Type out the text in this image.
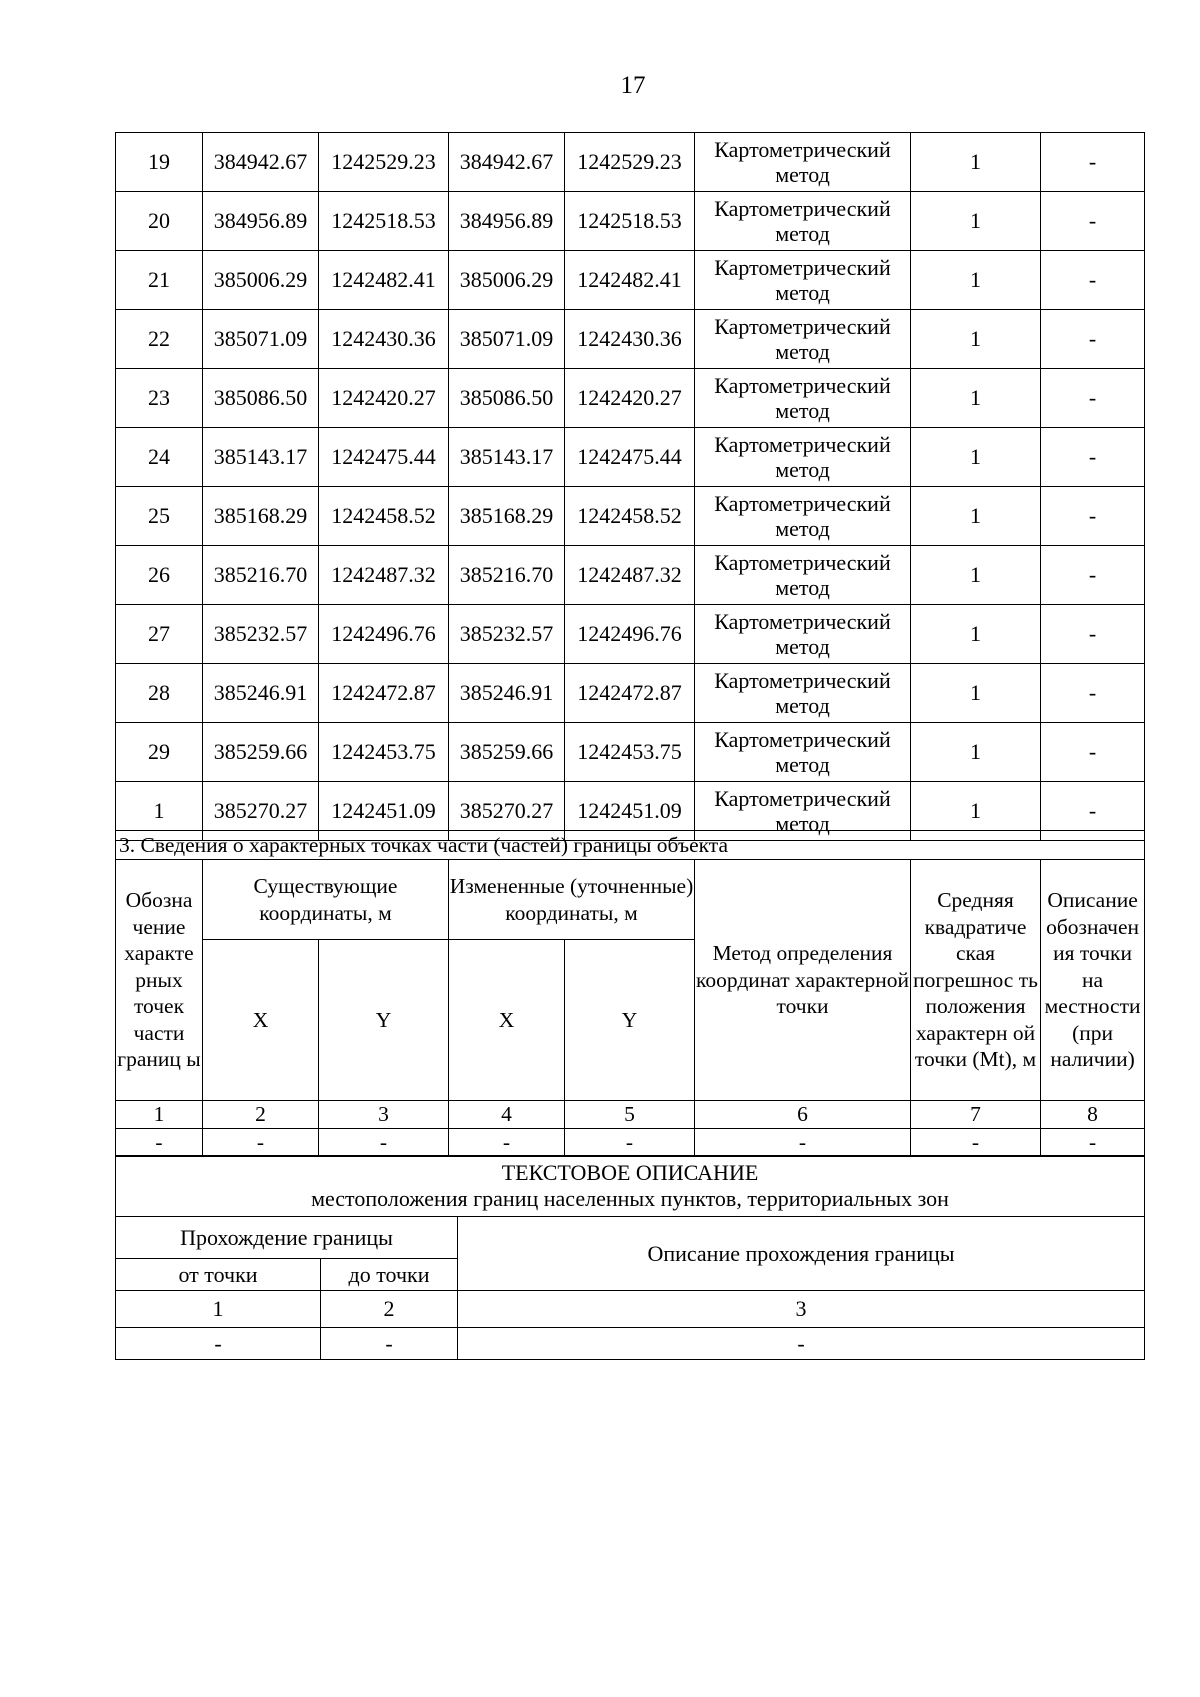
17
19	384942.67	1242529.23	384942.67	1242529.23	Картометрический метод	1	-
20	384956.89	1242518.53	384956.89	1242518.53	Картометрический метод	1	-
21	385006.29	1242482.41	385006.29	1242482.41	Картометрический метод	1	-
22	385071.09	1242430.36	385071.09	1242430.36	Картометрический метод	1	-
23	385086.50	1242420.27	385086.50	1242420.27	Картометрический метод	1	-
24	385143.17	1242475.44	385143.17	1242475.44	Картометрический метод	1	-
25	385168.29	1242458.52	385168.29	1242458.52	Картометрический метод	1	-
26	385216.70	1242487.32	385216.70	1242487.32	Картометрический метод	1	-
27	385232.57	1242496.76	385232.57	1242496.76	Картометрический метод	1	-
28	385246.91	1242472.87	385246.91	1242472.87	Картометрический метод	1	-
29	385259.66	1242453.75	385259.66	1242453.75	Картометрический метод	1	-
1	385270.27	1242451.09	385270.27	1242451.09	Картометрический метод	1	-
3. Сведения о характерных точках части (частей) границы объекта							
Обозна чение характе рных точек части границ ы	Существующие координаты, м		Измененные (уточненные) координаты, м		Метод определения координат характерной точки	Средняя квадратиче ская погрешнос ть положения характерн ой точки (Mt), м	Описание обозначен ия точки на местности (при наличии)
	X	Y	X	Y			
1	2	3	4	5	6	7	8
-	-	-	-	-	-	-	-
ТЕКСТОВОЕ ОПИСАНИЕ
местоположения границ населенных пунктов, территориальных зон		

Прохождение границы		Описание прохождения границы
от точки	до точки	
1	2	3
-	-	-
